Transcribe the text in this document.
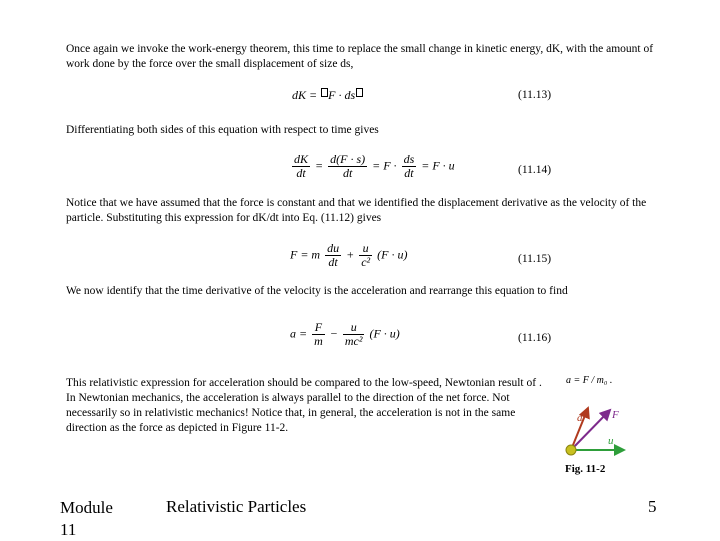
Once again we invoke the work-energy theorem, this time to replace the small change in kinetic energy, dK, with the amount of work done by the force over the small displacement of size ds,
dK = F · ds	(11.13)
Differentiating both sides of this equation with respect to time gives
$\frac{dK}{dt} = \frac{d(F \cdot s)}{dt} = F \cdot \frac{ds}{dt} = F \cdot u$	(11.14)
Notice that we have assumed that the force is constant and that we identified the displacement derivative as the velocity of the particle. Substituting this expression for dK/dt into Eq. (11.12) gives
F = m $\frac{du}{dt} + \frac{u}{\text{c²}} (F \cdot u)$	(11.15)
We now identify that the time derivative of the velocity is the acceleration and rearrange this equation to find
$a = \frac{F}{m} - \frac{u}{\text{mc²}} (F \cdot u)$	(11.16)
This relativistic expression for acceleration should be compared to the low-speed, Newtonian result of . In Newtonian mechanics, the acceleration is always parallel to the direction of the net force. Not necessarily so in relativistic mechanics! Notice that, in general, the acceleration is not in the same direction as the force as depicted in Figure 11-2.
a = F / m₀ .
a	F
u
Fig. 11-2
Module 11
Relativistic Particles	5
